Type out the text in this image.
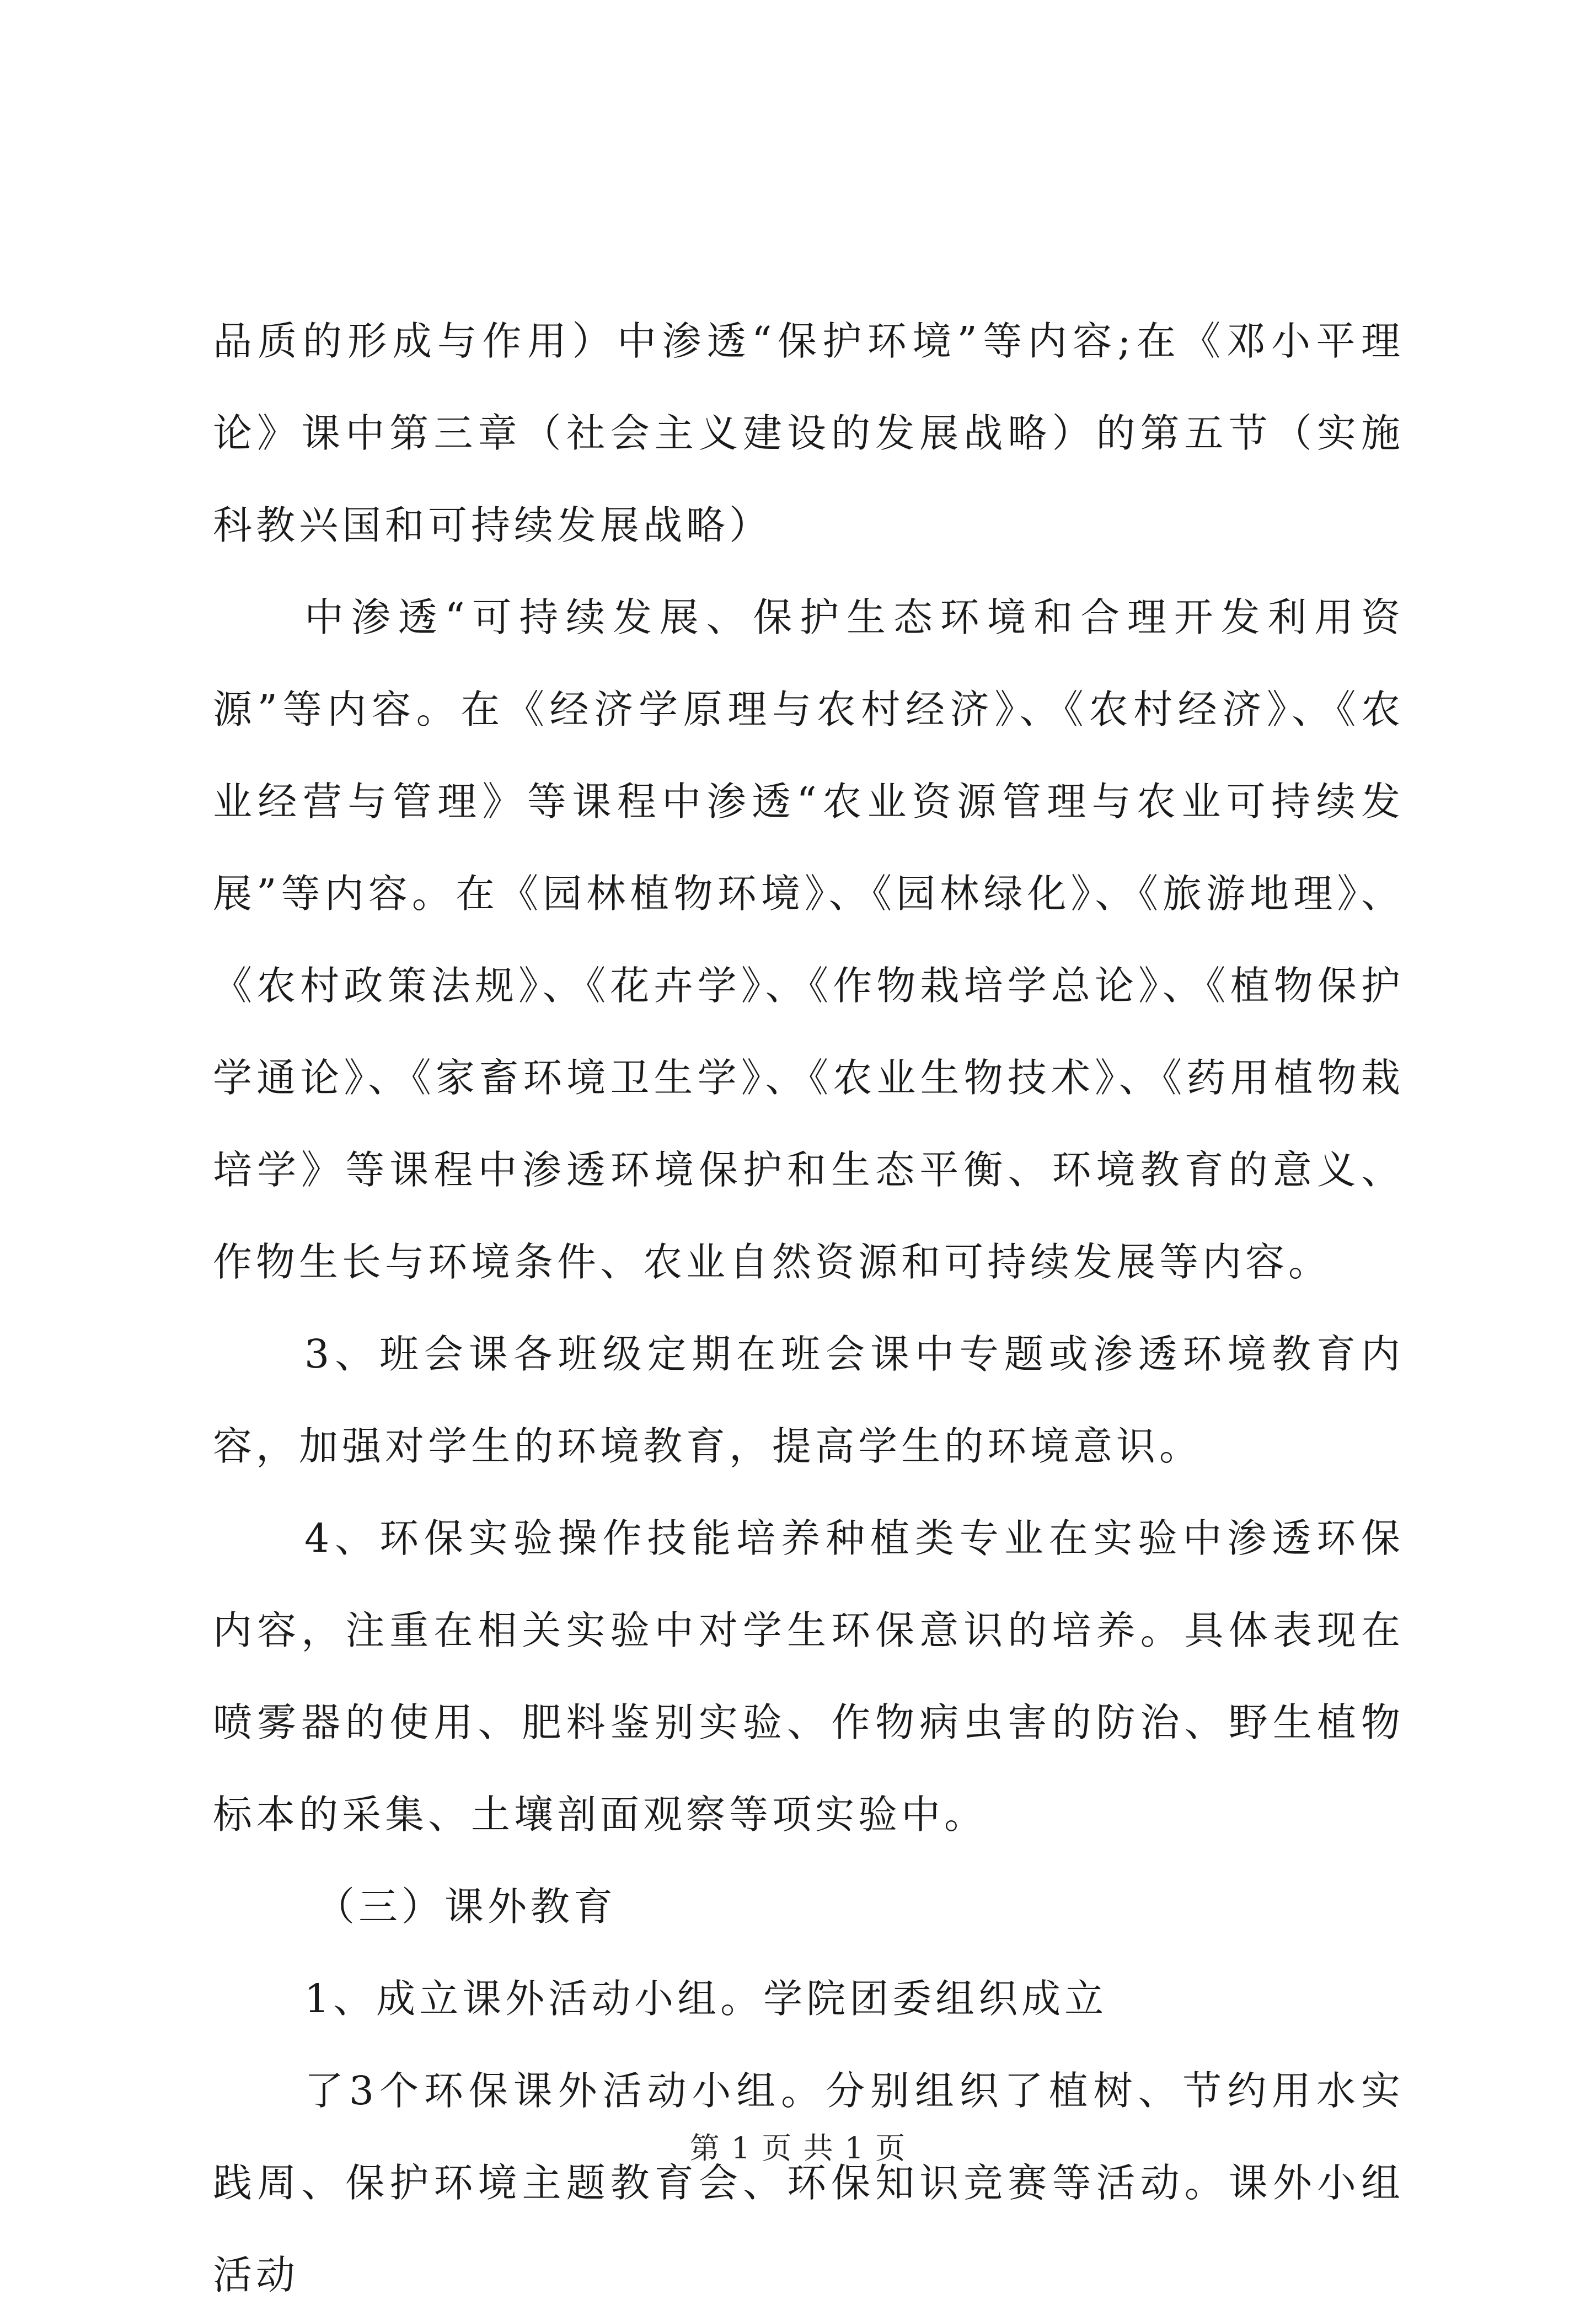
品质的形成与作用）中渗透“保护环境”等内容;在《邓小平理论》课中第三章（社会主义建设的发展战略）的第五节（实施科教兴国和可持续发展战略）

中渗透“可持续发展、保护生态环境和合理开发利用资源”等内容。在《经济学原理与农村经济》、《农村经济》、《农业经营与管理》等课程中渗透“农业资源管理与农业可持续发展”等内容。在《园林植物环境》、《园林绿化》、《旅游地理》、《农村政策法规》、《花卉学》、《作物栽培学总论》、《植物保护学通论》、《家畜环境卫生学》、《农业生物技术》、《药用植物栽培学》等课程中渗透环境保护和生态平衡、环境教育的意义、作物生长与环境条件、农业自然资源和可持续发展等内容。

3、班会课各班级定期在班会课中专题或渗透环境教育内容，加强对学生的环境教育，提高学生的环境意识。

4、环保实验操作技能培养种植类专业在实验中渗透环保内容，注重在相关实验中对学生环保意识的培养。具体表现在喷雾器的使用、肥料鉴别实验、作物病虫害的防治、野生植物标本的采集、土壤剖面观察等项实验中。

（三）课外教育

1、成立课外活动小组。学院团委组织成立

了3个环保课外活动小组。分别组织了植树、节约用水实践周、保护环境主题教育会、环保知识竞赛等活动。课外小组活动

第 1 页 共 1 页
